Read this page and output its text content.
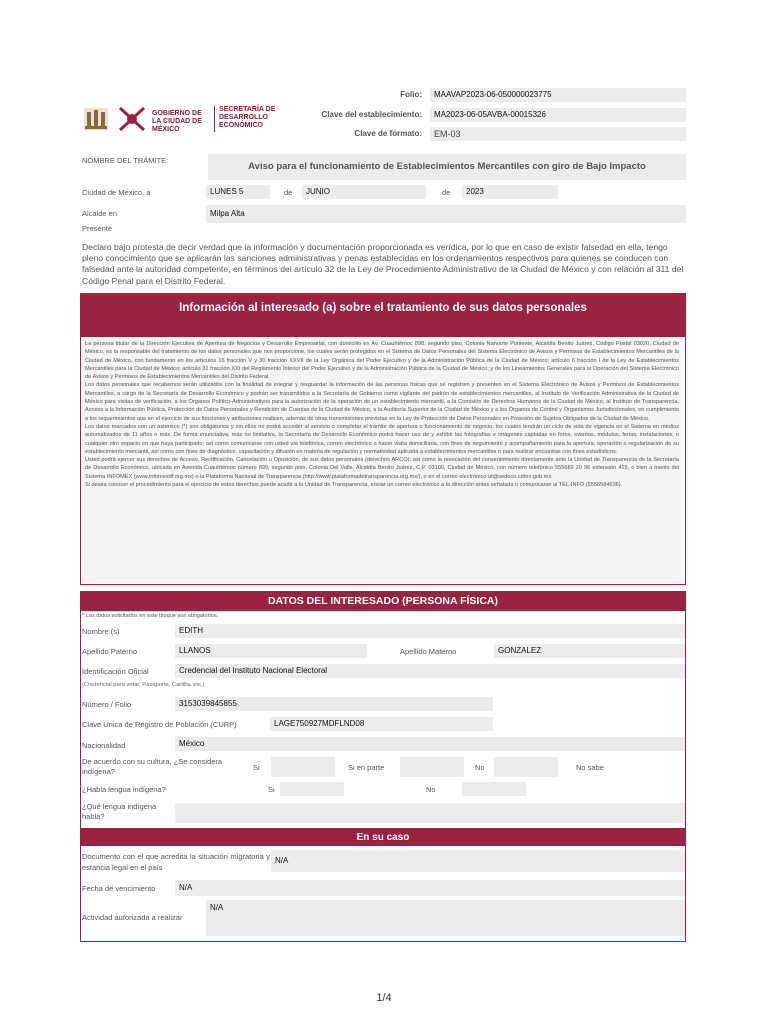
GOBIERNO DE LA CIUDAD DE MÉXICO
SECRETARÍA DE DESARROLLO ECONÓMICO
Folio:	MAAVAP2023-06-050000023775
Clave del establecimiento:	MA2023-06-05AVBA-00015326
Clave de formato:	EM-03
NOMBRE DEL TRÁMITE:
Aviso para el funcionamiento de Establecimientos Mercantiles con giro de Bajo Impacto
Ciudad de México, a	LUNES 5	de	JUNIO	de	2023
Alcalde en	Milpa Alta
Presente
Declaro bajo protesta de decir verdad que la información y documentación proporcionada es verídica, por lo que en caso de existir falsedad en ella, tengo pleno conocimiento que se aplicarán las sanciones administrativas y penas establecidas en los ordenamientos respectivos para quienes se conducen con falsedad ante la autoridad competente, en términos del artículo 32 de la Ley de Procedimiento Administrativo de la Ciudad de México y con relación al 311 del Código Penal para el Distrito Federal.
Información al interesado (a) sobre el tratamiento de sus datos personales

La persona titular de la Dirección Ejecutiva de Apertura de Negocios y Desarrollo Empresarial, con domicilio en Av. Cuauhtémoc 898, segundo piso, Colonia Narvarte Poniente, Alcaldía Benito Juárez, Código Postal 03020, Ciudad de México, es la responsable del tratamiento de los datos personales que nos proporcione, los cuales serán protegidos en el Sistema de Datos Personales del Sistema Electrónico de Avisos y Permisos de Establecimientos Mercantiles de la Ciudad de México, con fundamento en los artículos 16 fracción V y 30 fracción XXVII de la Ley Orgánica del Poder Ejecutivo y de la Administración Pública de la Ciudad de México; artículo 6 fracción I de la Ley de Establecimientos Mercantiles para la Ciudad de México; artículo 31 fracción XXI del Reglamento Interior del Poder Ejecutivo y de la Administración Pública de la Ciudad de México; y de los Lineamientos Generales para la Operación del Sistema Electrónico de Avisos y Permisos de Establecimientos Mercantiles del Distrito Federal.

Los datos personales que recabemos serán utilizados con la finalidad de integrar y resguardar la información de las personas físicas que se registren y presenten en el Sistema Electrónico de Avisos y Permisos de Establecimientos Mercantiles, a cargo de la Secretaría de Desarrollo Económico y podrán ser transmitidos a la Secretaría de Gobierno como vigilante del padrón de establecimientos mercantiles, al Instituto de Verificación Administrativa de la Ciudad de México para visitas de verificación, a los Órganos Político-Administrativos para la autorización de la operación de un establecimiento mercantil, a la Comisión de Derechos Humanos de la Ciudad de México, al Instituto de Transparencia, Acceso a la Información Pública, Protección de Datos Personales y Rendición de Cuentas de la Ciudad de México, a la Auditoría Superior de la Ciudad de México y a los Órganos de Control y Organismos Jurisdiccionales, en cumplimiento a los requerimientos que en el ejercicio de sus funciones y atribuciones realicen, además de otras transmisiones previstas en la Ley de Protección de Datos Personales en Posesión de Sujetos Obligados de la Ciudad de México.

Los datos marcados con un asterisco (*) son obligatorios y sin ellos no podrá acceder al servicio o completar el trámite de apertura o funcionamiento de negocio, los cuales tendrán un ciclo de vida de vigencia en el Sistema en medios automatizados de 11 años o más. De forma enunciativa, más no limitativa, la Secretaría de Desarrollo Económico podrá hacer uso de y exhibir las fotografías e imágenes captadas en foros, eventos, módulos, ferias, instalaciones, o cualquier otro espacio en que haya participado; así como comunicarse con usted vía telefónica, correo electrónico o hacer visita domiciliaria, con fines de seguimiento y acompañamiento para la apertura, operación o regularización de su establecimiento mercantil, así como con fines de diagnóstico, capacitación y difusión en materia de regulación y normatividad aplicada a establecimientos mercantiles o para realizar encuestas con fines estadísticos.

Usted podrá ejercer sus derechos de Acceso, Rectificación, Cancelación u Oposición, de sus datos personales (derechos ARCO); así como la revocación del consentimiento directamente ante la Unidad de Transparencia de la Secretaría de Desarrollo Económico, ubicada en Avenida Cuauhtémoc número 899, segundo piso, Colonia Del Valle, Alcaldía Benito Juárez, C.P. 03100, Ciudad de México, con número telefónico 555682 20 96 extensión 415, o bien a través del Sistema INFOMEX (www.infomexdf.org.mx) o la Plataforma Nacional de Transparencia (http://www.plataformadetransparencia.org.mx/), o en el correo electrónico ut@sedeco.cdmx.gob.mx.

Si desea conocer el procedimiento para el ejercicio de estos derechos puede acudir a la Unidad de Transparencia, enviar un correo electrónico a la dirección antes señalada o comunicarse al TEL-INFO (5556584636).

DATOS DEL INTERESADO (PERSONA FÍSICA)
* Los datos solicitados en este bloque son obligatorios.
Nombre (s)	EDITH
Apellido Paterno	LLANOS	Apellido Materno	GONZALEZ
Identificación Oficial	Credencial del Instituto Nacional Electoral
(Credencial para votar, Pasaporte, Cartilla, etc.)
Número / Folio	3153039845855
Clave Única de Registro de Población (CURP)	LAGE750927MDFLND08
Nacionalidad	México
De acuerdo con su cultura, ¿Se considera indígena?	Si	Si en parte	No	No sabe
¿Habla lengua indígena?	Si	No
¿Qué lengua indígena habla?
En su caso
Documento con el que acredita la situación migratoria y estancia legal en el país
N/A
Fecha de vencimiento	N/A
Actividad autorizada a realizar
N/A
1/4
